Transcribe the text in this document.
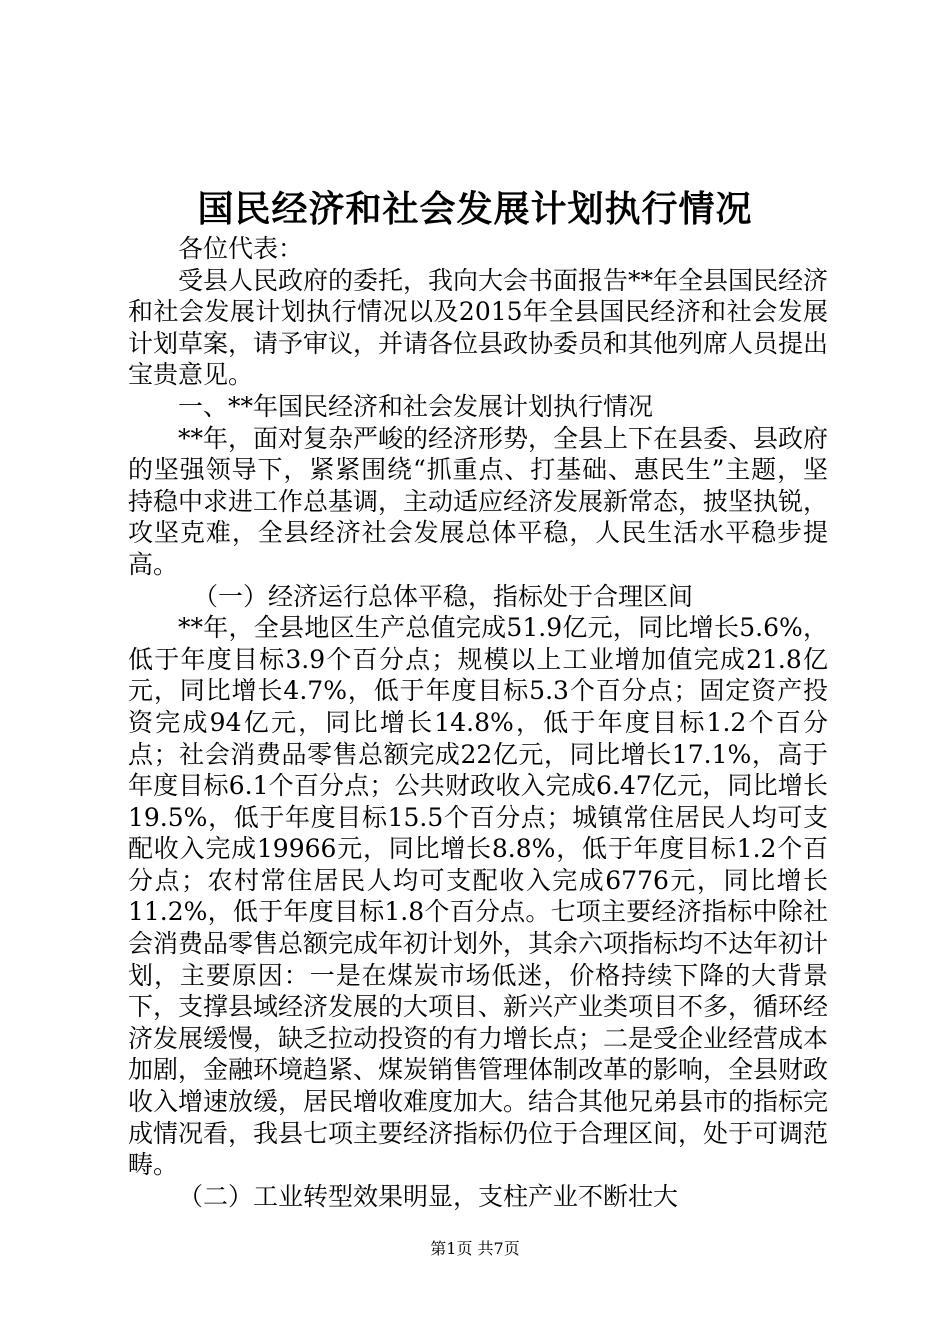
国民经济和社会发展计划执行情况

各位代表：

受县人民政府的委托，我向大会书面报告**年全县国民经济和社会发展计划执行情况以及2015年全县国民经济和社会发展计划草案，请予审议，并请各位县政协委员和其他列席人员提出宝贵意见。

一、**年国民经济和社会发展计划执行情况

**年，面对复杂严峻的经济形势，全县上下在县委、县政府的坚强领导下，紧紧围绕“抓重点、打基础、惠民生”主题，坚持稳中求进工作总基调，主动适应经济发展新常态，披坚执锐，攻坚克难，全县经济社会发展总体平稳，人民生活水平稳步提高。

（一）经济运行总体平稳，指标处于合理区间

**年，全县地区生产总值完成51.9亿元，同比增长5.6%，低于年度目标3.9个百分点；规模以上工业增加值完成21.8亿元，同比增长4.7%，低于年度目标5.3个百分点；固定资产投资完成94亿元，同比增长14.8%，低于年度目标1.2个百分点；社会消费品零售总额完成22亿元，同比增长17.1%，高于年度目标6.1个百分点；公共财政收入完成6.47亿元，同比增长19.5%，低于年度目标15.5个百分点；城镇常住居民人均可支配收入完成19966元，同比增长8.8%，低于年度目标1.2个百分点；农村常住居民人均可支配收入完成6776元，同比增长11.2%，低于年度目标1.8个百分点。七项主要经济指标中除社会消费品零售总额完成年初计划外，其余六项指标均不达年初计划，主要原因：一是在煤炭市场低迷，价格持续下降的大背景下，支撑县域经济发展的大项目、新兴产业类项目不多，循环经济发展缓慢，缺乏拉动投资的有力增长点；二是受企业经营成本加剧，金融环境趋紧、煤炭销售管理体制改革的影响，全县财政收入增速放缓，居民增收难度加大。结合其他兄弟县市的指标完成情况看，我县七项主要经济指标仍位于合理区间，处于可调范畴。

（二）工业转型效果明显，支柱产业不断壮大

第1页 共7页
